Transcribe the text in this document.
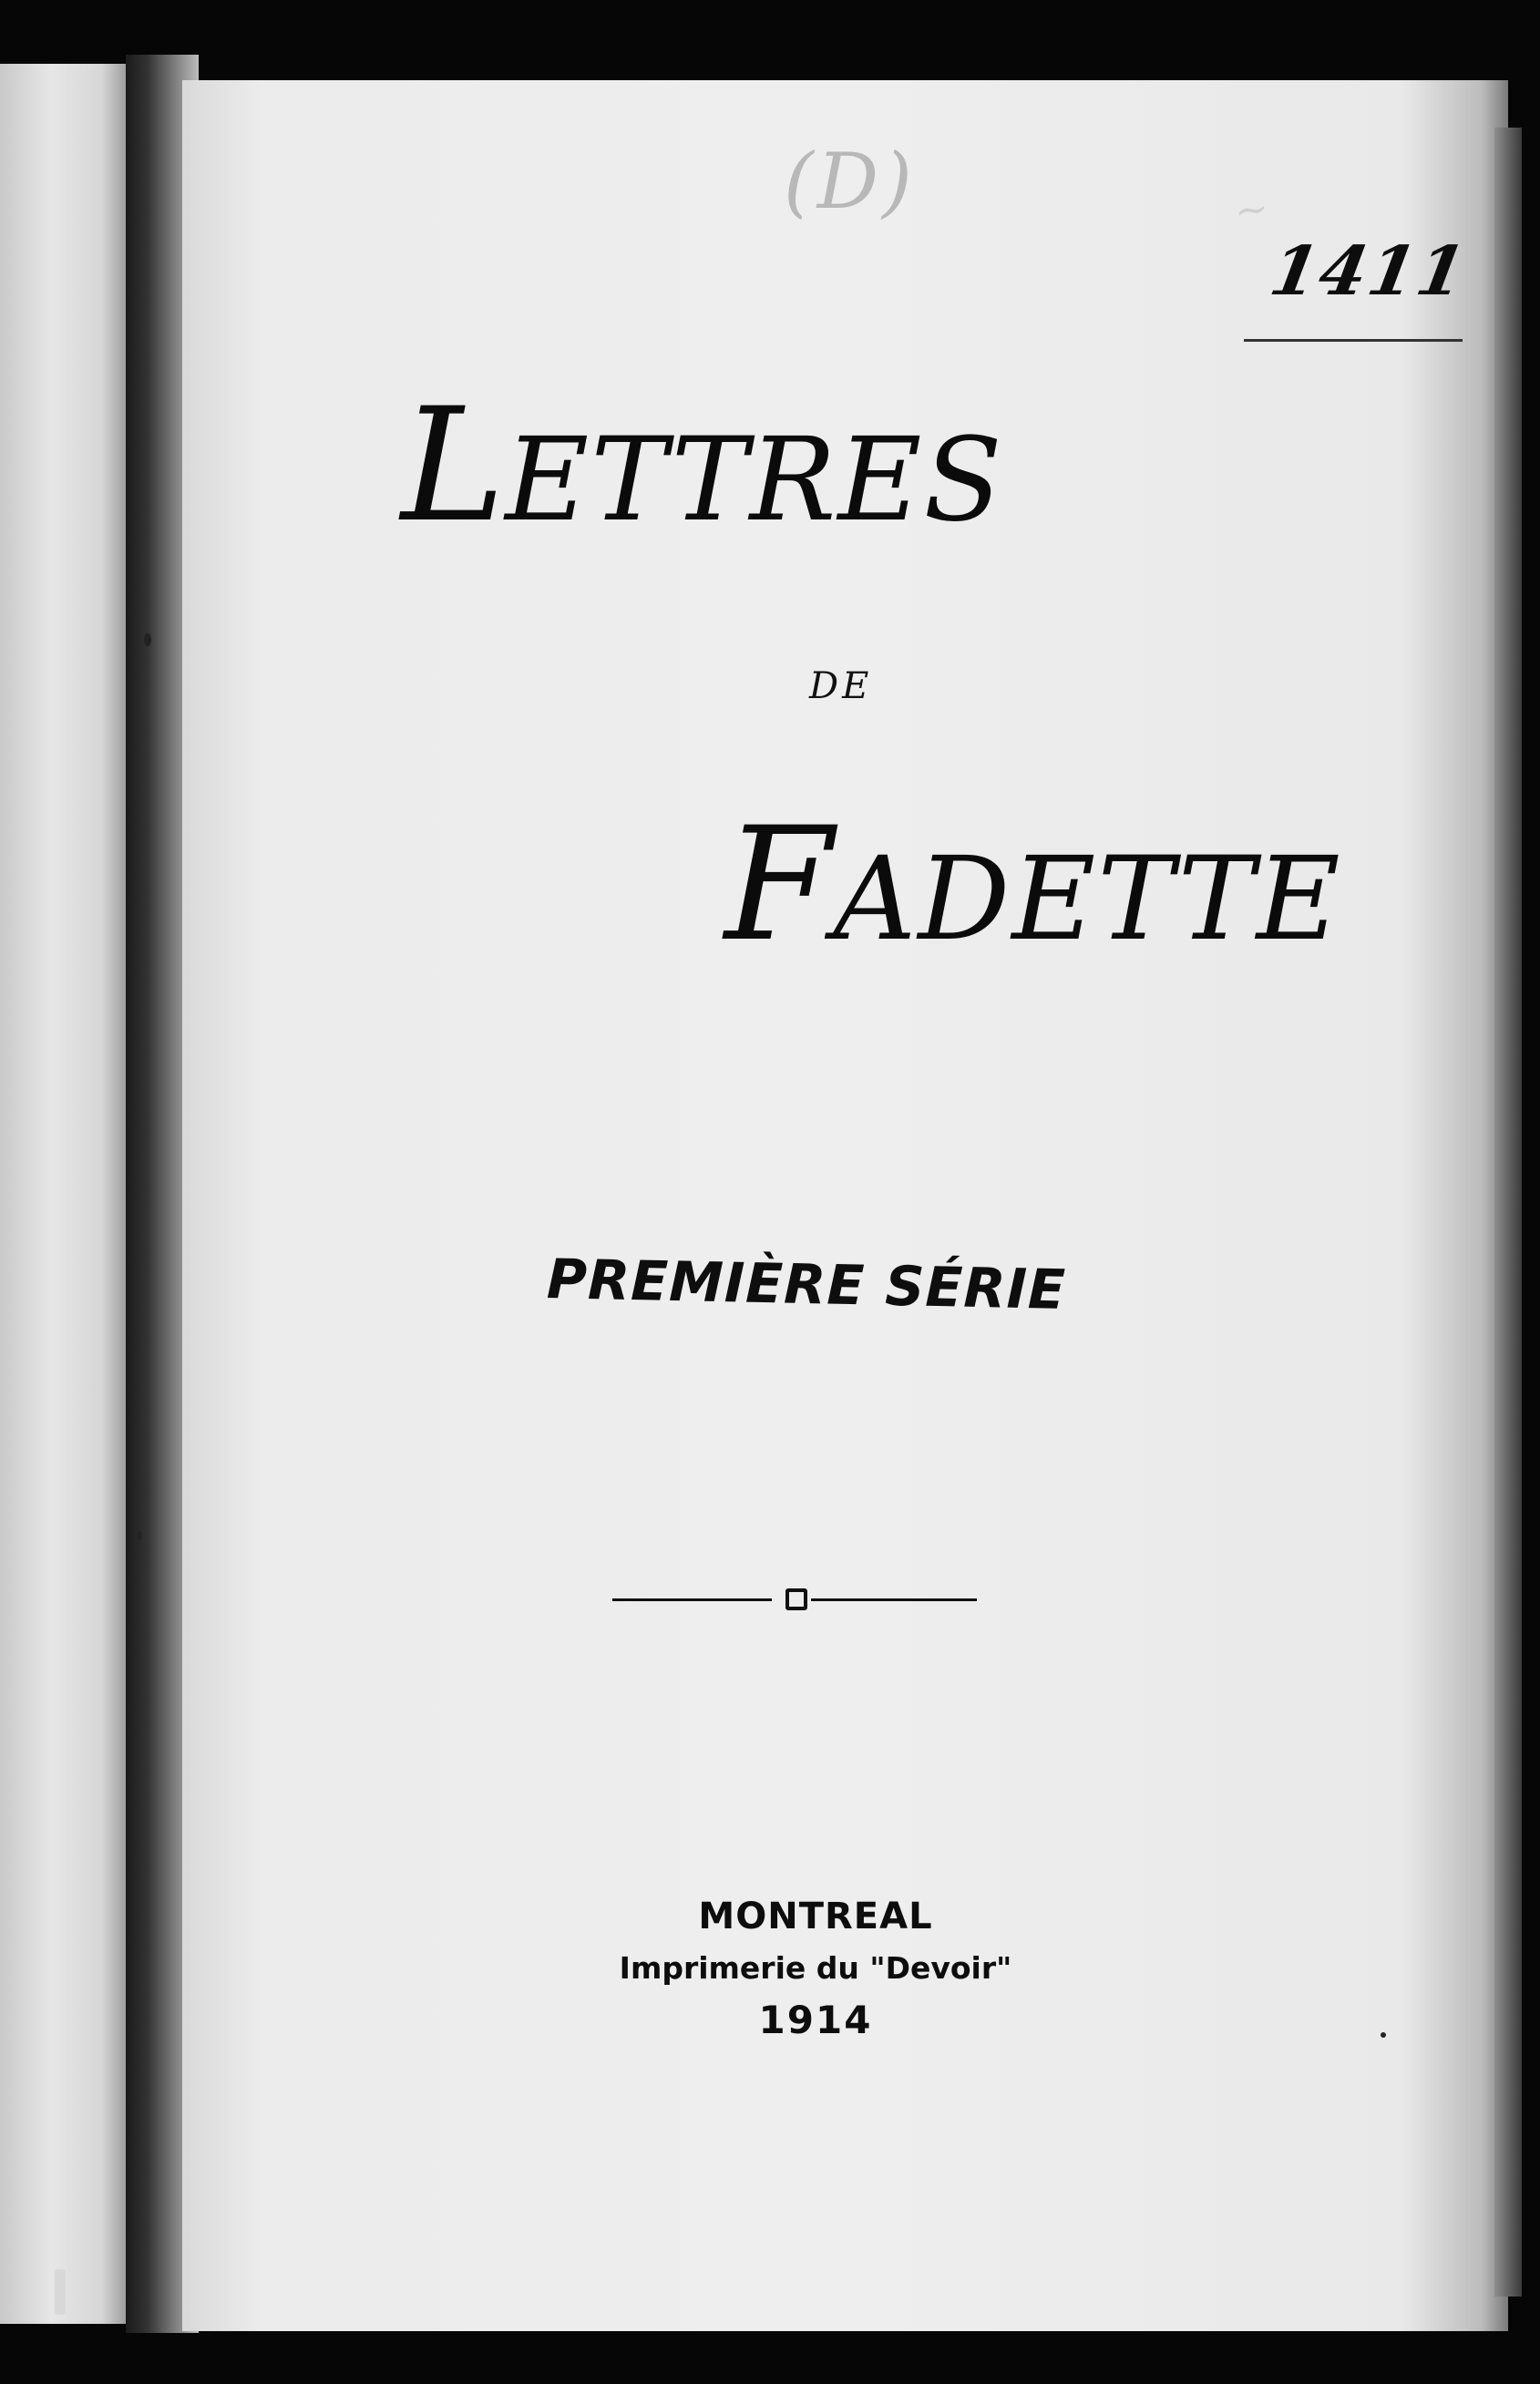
(D)	~
1411
LETTRES
DE
FADETTE
PREMIÈRE SÉRIE
MONTREAL
Imprimerie du "Devoir"
1914
